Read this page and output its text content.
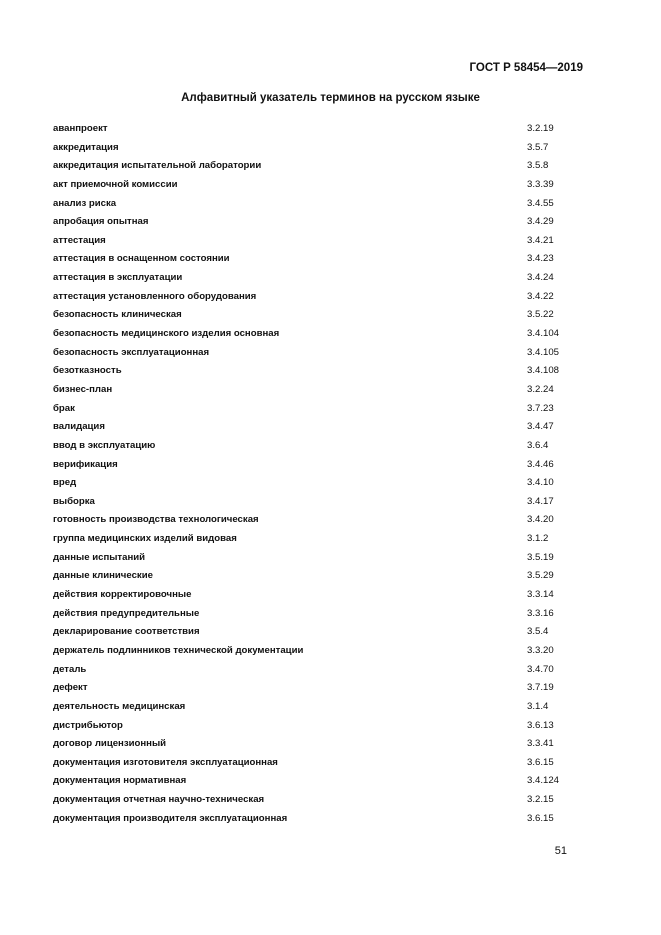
ГОСТ Р 58454—2019
Алфавитный указатель терминов на русском языке
аванпроект	3.2.19
аккредитация	3.5.7
аккредитация испытательной лаборатории	3.5.8
акт приемочной комиссии	3.3.39
анализ риска	3.4.55
апробация опытная	3.4.29
аттестация	3.4.21
аттестация в оснащенном состоянии	3.4.23
аттестация в эксплуатации	3.4.24
аттестация установленного оборудования	3.4.22
безопасность клиническая	3.5.22
безопасность медицинского изделия основная	3.4.104
безопасность эксплуатационная	3.4.105
безотказность	3.4.108
бизнес-план	3.2.24
брак	3.7.23
валидация	3.4.47
ввод в эксплуатацию	3.6.4
верификация	3.4.46
вред	3.4.10
выборка	3.4.17
готовность производства технологическая	3.4.20
группа медицинских изделий видовая	3.1.2
данные испытаний	3.5.19
данные клинические	3.5.29
действия корректировочные	3.3.14
действия предупредительные	3.3.16
декларирование соответствия	3.5.4
держатель подлинников технической документации	3.3.20
деталь	3.4.70
дефект	3.7.19
деятельность медицинская	3.1.4
дистрибьютор	3.6.13
договор лицензионный	3.3.41
документация изготовителя эксплуатационная	3.6.15
документация нормативная	3.4.124
документация отчетная научно-техническая	3.2.15
документация производителя эксплуатационная	3.6.15
51
